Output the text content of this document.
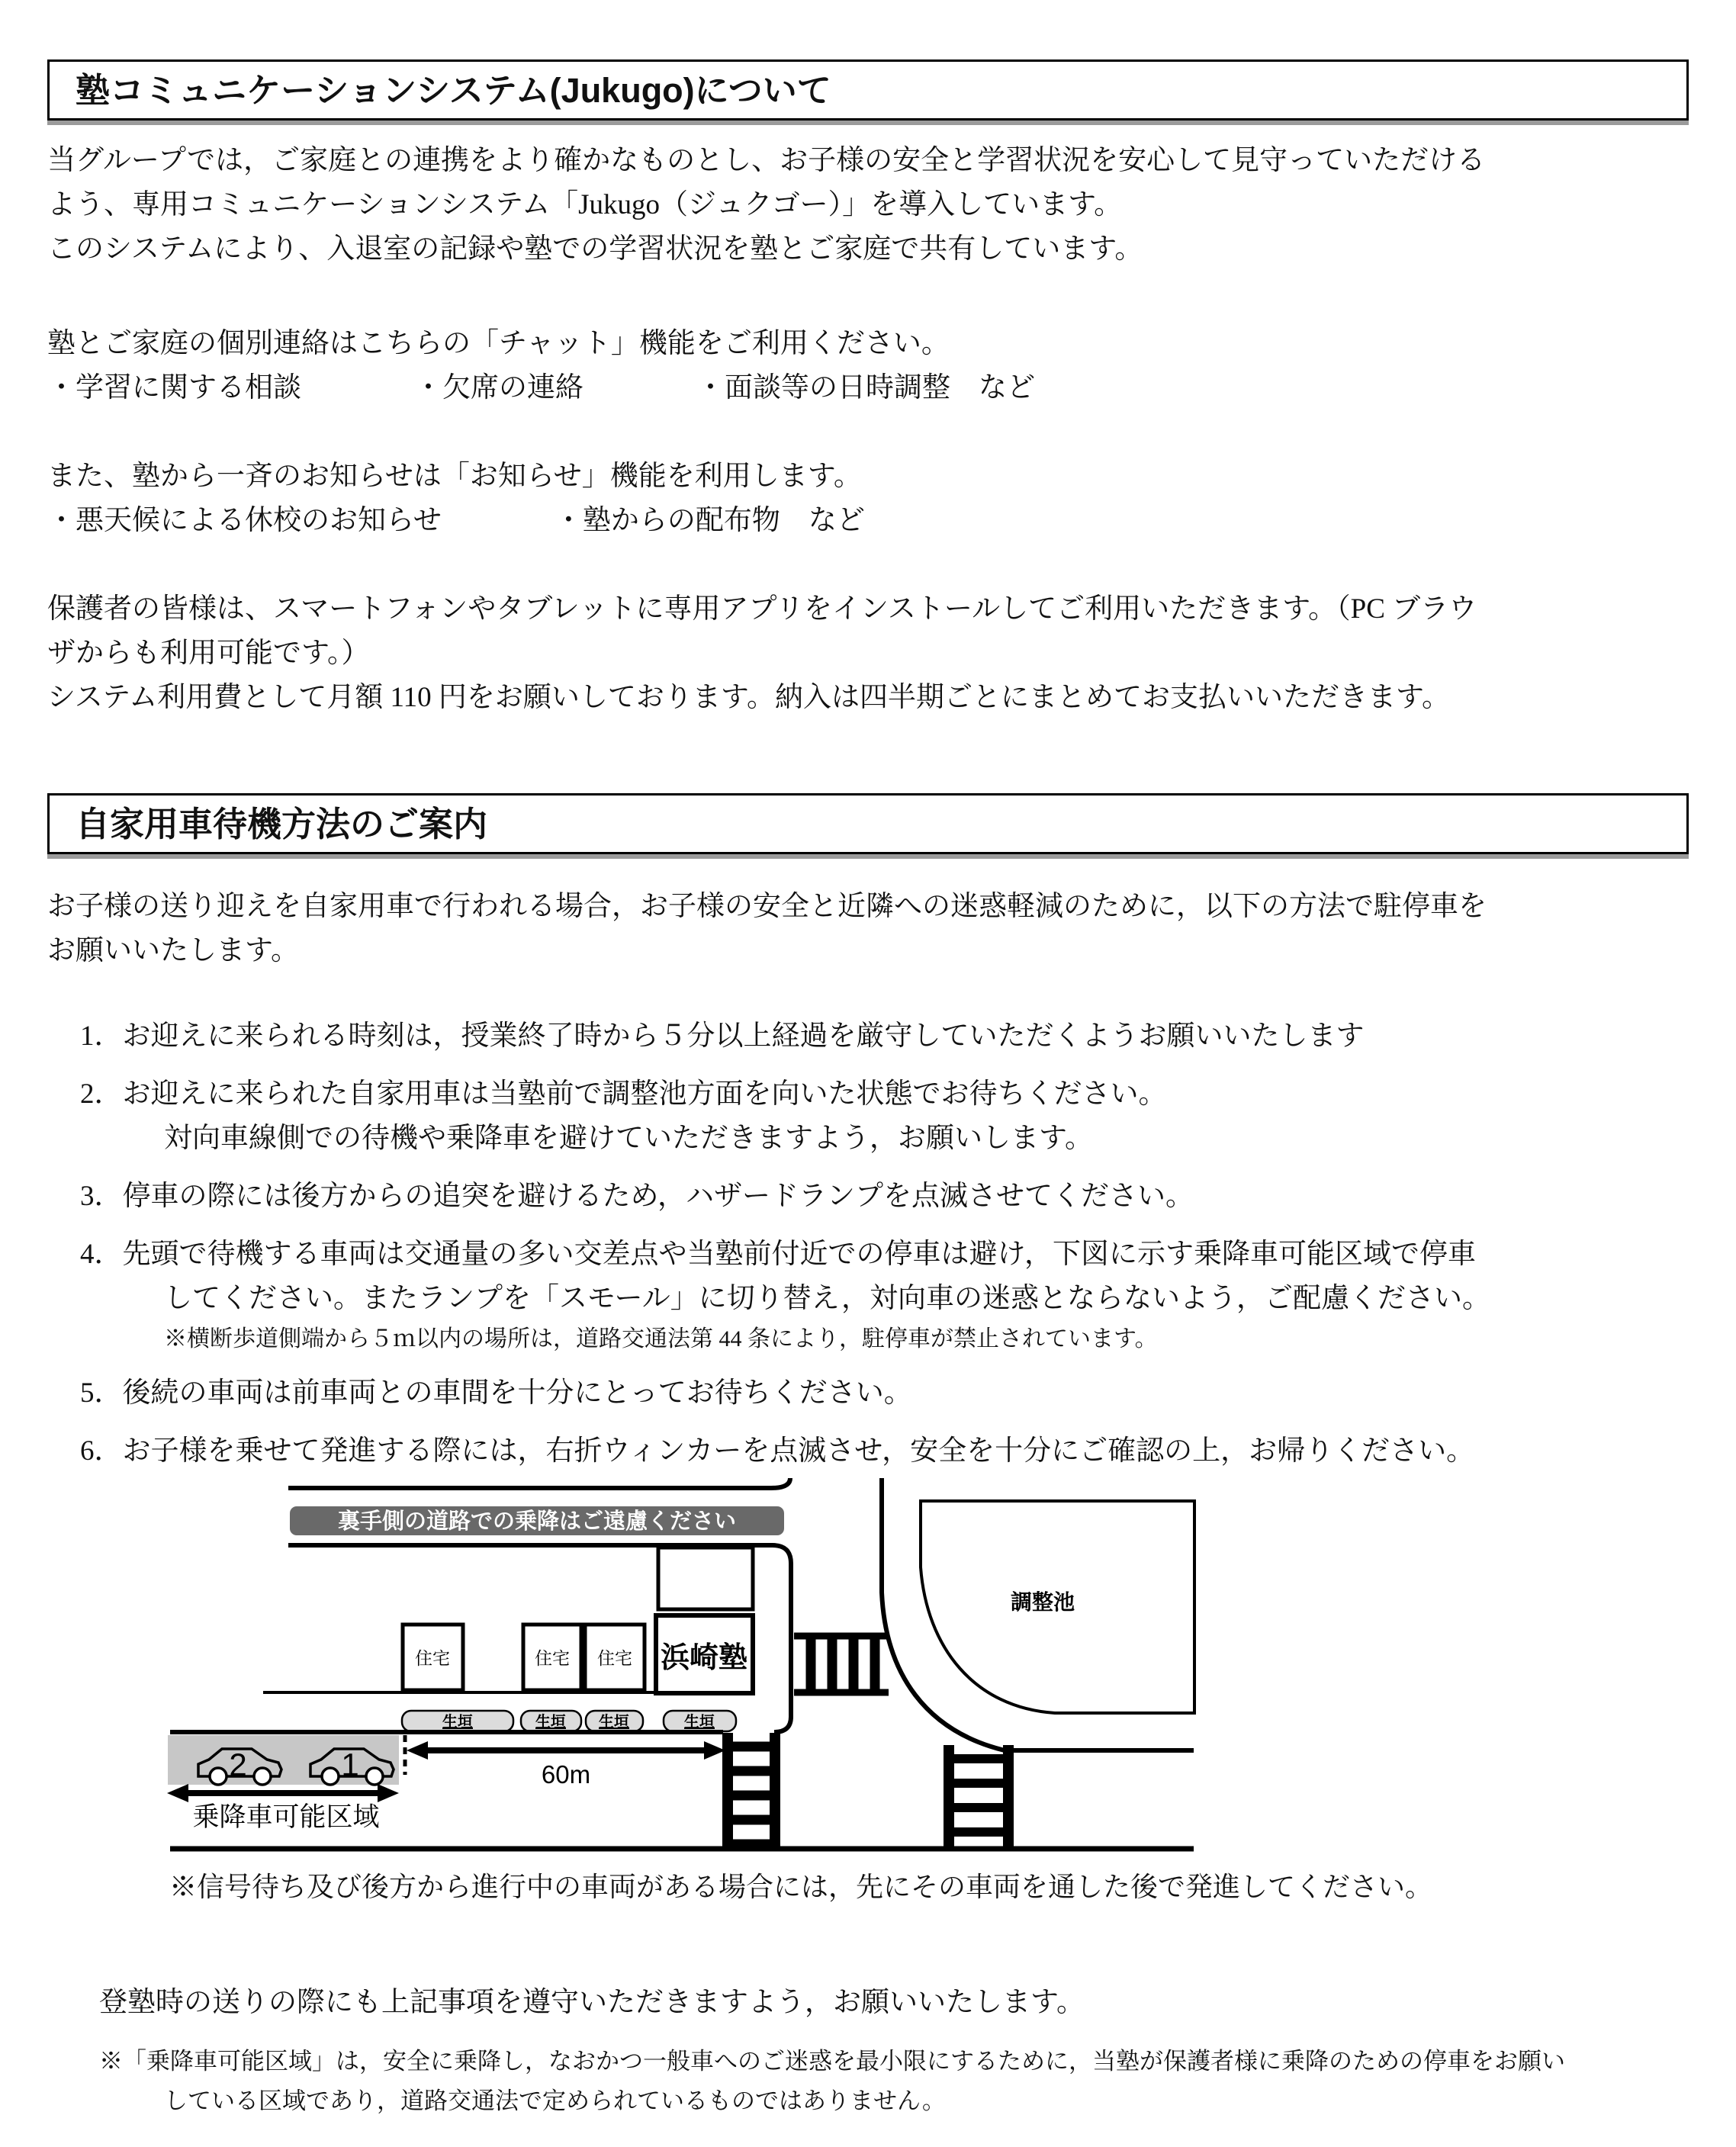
塾コミュニケーションシステム(Jukugo)について
当グループでは，ご家庭との連携をより確かなものとし、お子様の安全と学習状況を安心して見守っていただける
よう、専用コミュニケーションシステム「Jukugo（ジュクゴー）」を導入しています。
このシステムにより、入退室の記録や塾での学習状況を塾とご家庭で共有しています。
塾とご家庭の個別連絡はこちらの「チャット」機能をご利用ください。
・学習に関する相談　　　　・欠席の連絡　　　　・面談等の日時調整　など
また、塾から一斉のお知らせは「お知らせ」機能を利用します。
・悪天候による休校のお知らせ　　　　・塾からの配布物　など
保護者の皆様は、スマートフォンやタブレットに専用アプリをインストールしてご利用いただきます。（PC ブラウ
ザからも利用可能です。）
システム利用費として月額 110 円をお願いしております。納入は四半期ごとにまとめてお支払いいただきます。
自家用車待機方法のご案内
お子様の送り迎えを自家用車で行われる場合，お子様の安全と近隣への迷惑軽減のために，以下の方法で駐停車を
お願いいたします。
1．お迎えに来られる時刻は，授業終了時から５分以上経過を厳守していただくようお願いいたします
2．お迎えに来られた自家用車は当塾前で調整池方面を向いた状態でお待ちください。
対向車線側での待機や乗降車を避けていただきますよう，お願いします。
3．停車の際には後方からの追突を避けるため，ハザードランプを点滅させてください。
4．先頭で待機する車両は交通量の多い交差点や当塾前付近での停車は避け，下図に示す乗降車可能区域で停車
してください。またランプを「スモール」に切り替え，対向車の迷惑とならないよう，ご配慮ください。
※横断歩道側端から５ｍ以内の場所は，道路交通法第 44 条により，駐停車が禁止されています。
5．後続の車両は前車両との車間を十分にとってお待ちください。
6．お子様を乗せて発進する際には，右折ウィンカーを点滅させ，安全を十分にご確認の上，お帰りください。
裏手側の道路での乗降はご遠慮ください
調整池
浜崎塾
住宅	住宅 住宅
生垣	生垣 生垣	生垣
2	1	60m
乗降車可能区域
※信号待ち及び後方から進行中の車両がある場合には，先にその車両を通した後で発進してください。
登塾時の送りの際にも上記事項を遵守いただきますよう，お願いいたします。
※「乗降車可能区域」は，安全に乗降し，なおかつ一般車へのご迷惑を最小限にするために，当塾が保護者様に乗降のための停車をお願い
している区域であり，道路交通法で定められているものではありません。
